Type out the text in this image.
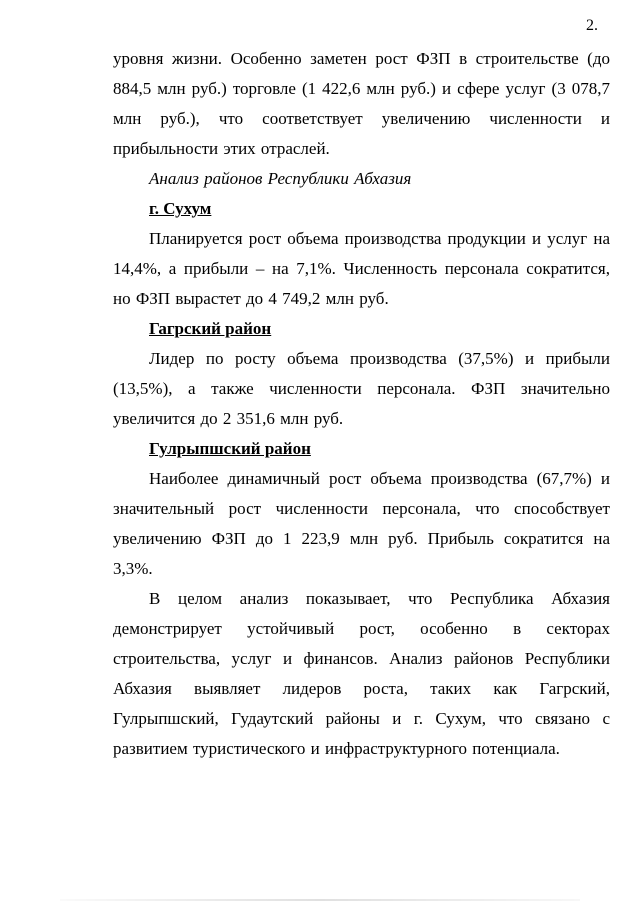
2.

уровня жизни. Особенно заметен рост ФЗП в строительстве (до 884,5 млн руб.) торговле (1 422,6 млн руб.) и сфере услуг (3 078,7 млн руб.), что соответствует увеличению численности и прибыльности этих отраслей.

Анализ районов Республики Абхазия

г. Сухум

Планируется рост объема производства продукции и услуг на 14,4%, а прибыли – на 7,1%. Численность персонала сократится, но ФЗП вырастет до 4 749,2 млн руб.

Гагрский район

Лидер по росту объема производства (37,5%) и прибыли (13,5%), а также численности персонала. ФЗП значительно увеличится до 2 351,6 млн руб.

Гулрыпшский район

Наиболее динамичный рост объема производства (67,7%) и значительный рост численности персонала, что способствует увеличению ФЗП до 1 223,9 млн руб. Прибыль сократится на 3,3%.

В целом анализ показывает, что Республика Абхазия демонстрирует устойчивый рост, особенно в секторах строительства, услуг и финансов. Анализ районов Республики Абхазия выявляет лидеров роста, таких как Гагрский, Гулрыпшский, Гудаутский районы и г. Сухум, что связано с развитием туристического и инфраструктурного потенциала.
